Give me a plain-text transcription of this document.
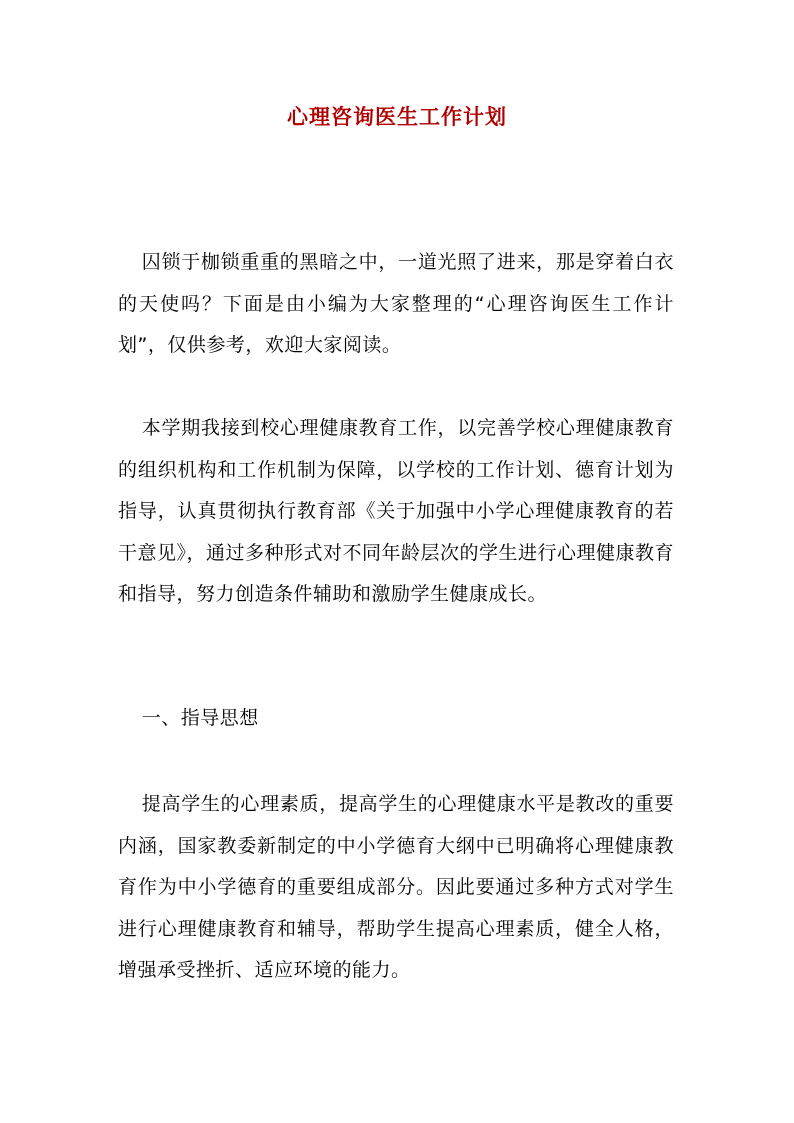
心理咨询医生工作计划
囚锁于枷锁重重的黑暗之中，一道光照了进来，那是穿着白衣的天使吗？下面是由小编为大家整理的“心理咨询医生工作计划”，仅供参考，欢迎大家阅读。
本学期我接到校心理健康教育工作，以完善学校心理健康教育的组织机构和工作机制为保障，以学校的工作计划、德育计划为指导，认真贯彻执行教育部《关于加强中小学心理健康教育的若干意见》，通过多种形式对不同年龄层次的学生进行心理健康教育和指导，努力创造条件辅助和激励学生健康成长。
一、指导思想
提高学生的心理素质，提高学生的心理健康水平是教改的重要内涵，国家教委新制定的中小学德育大纲中已明确将心理健康教育作为中小学德育的重要组成部分。因此要通过多种方式对学生进行心理健康教育和辅导，帮助学生提高心理素质，健全人格，增强承受挫折、适应环境的能力。
